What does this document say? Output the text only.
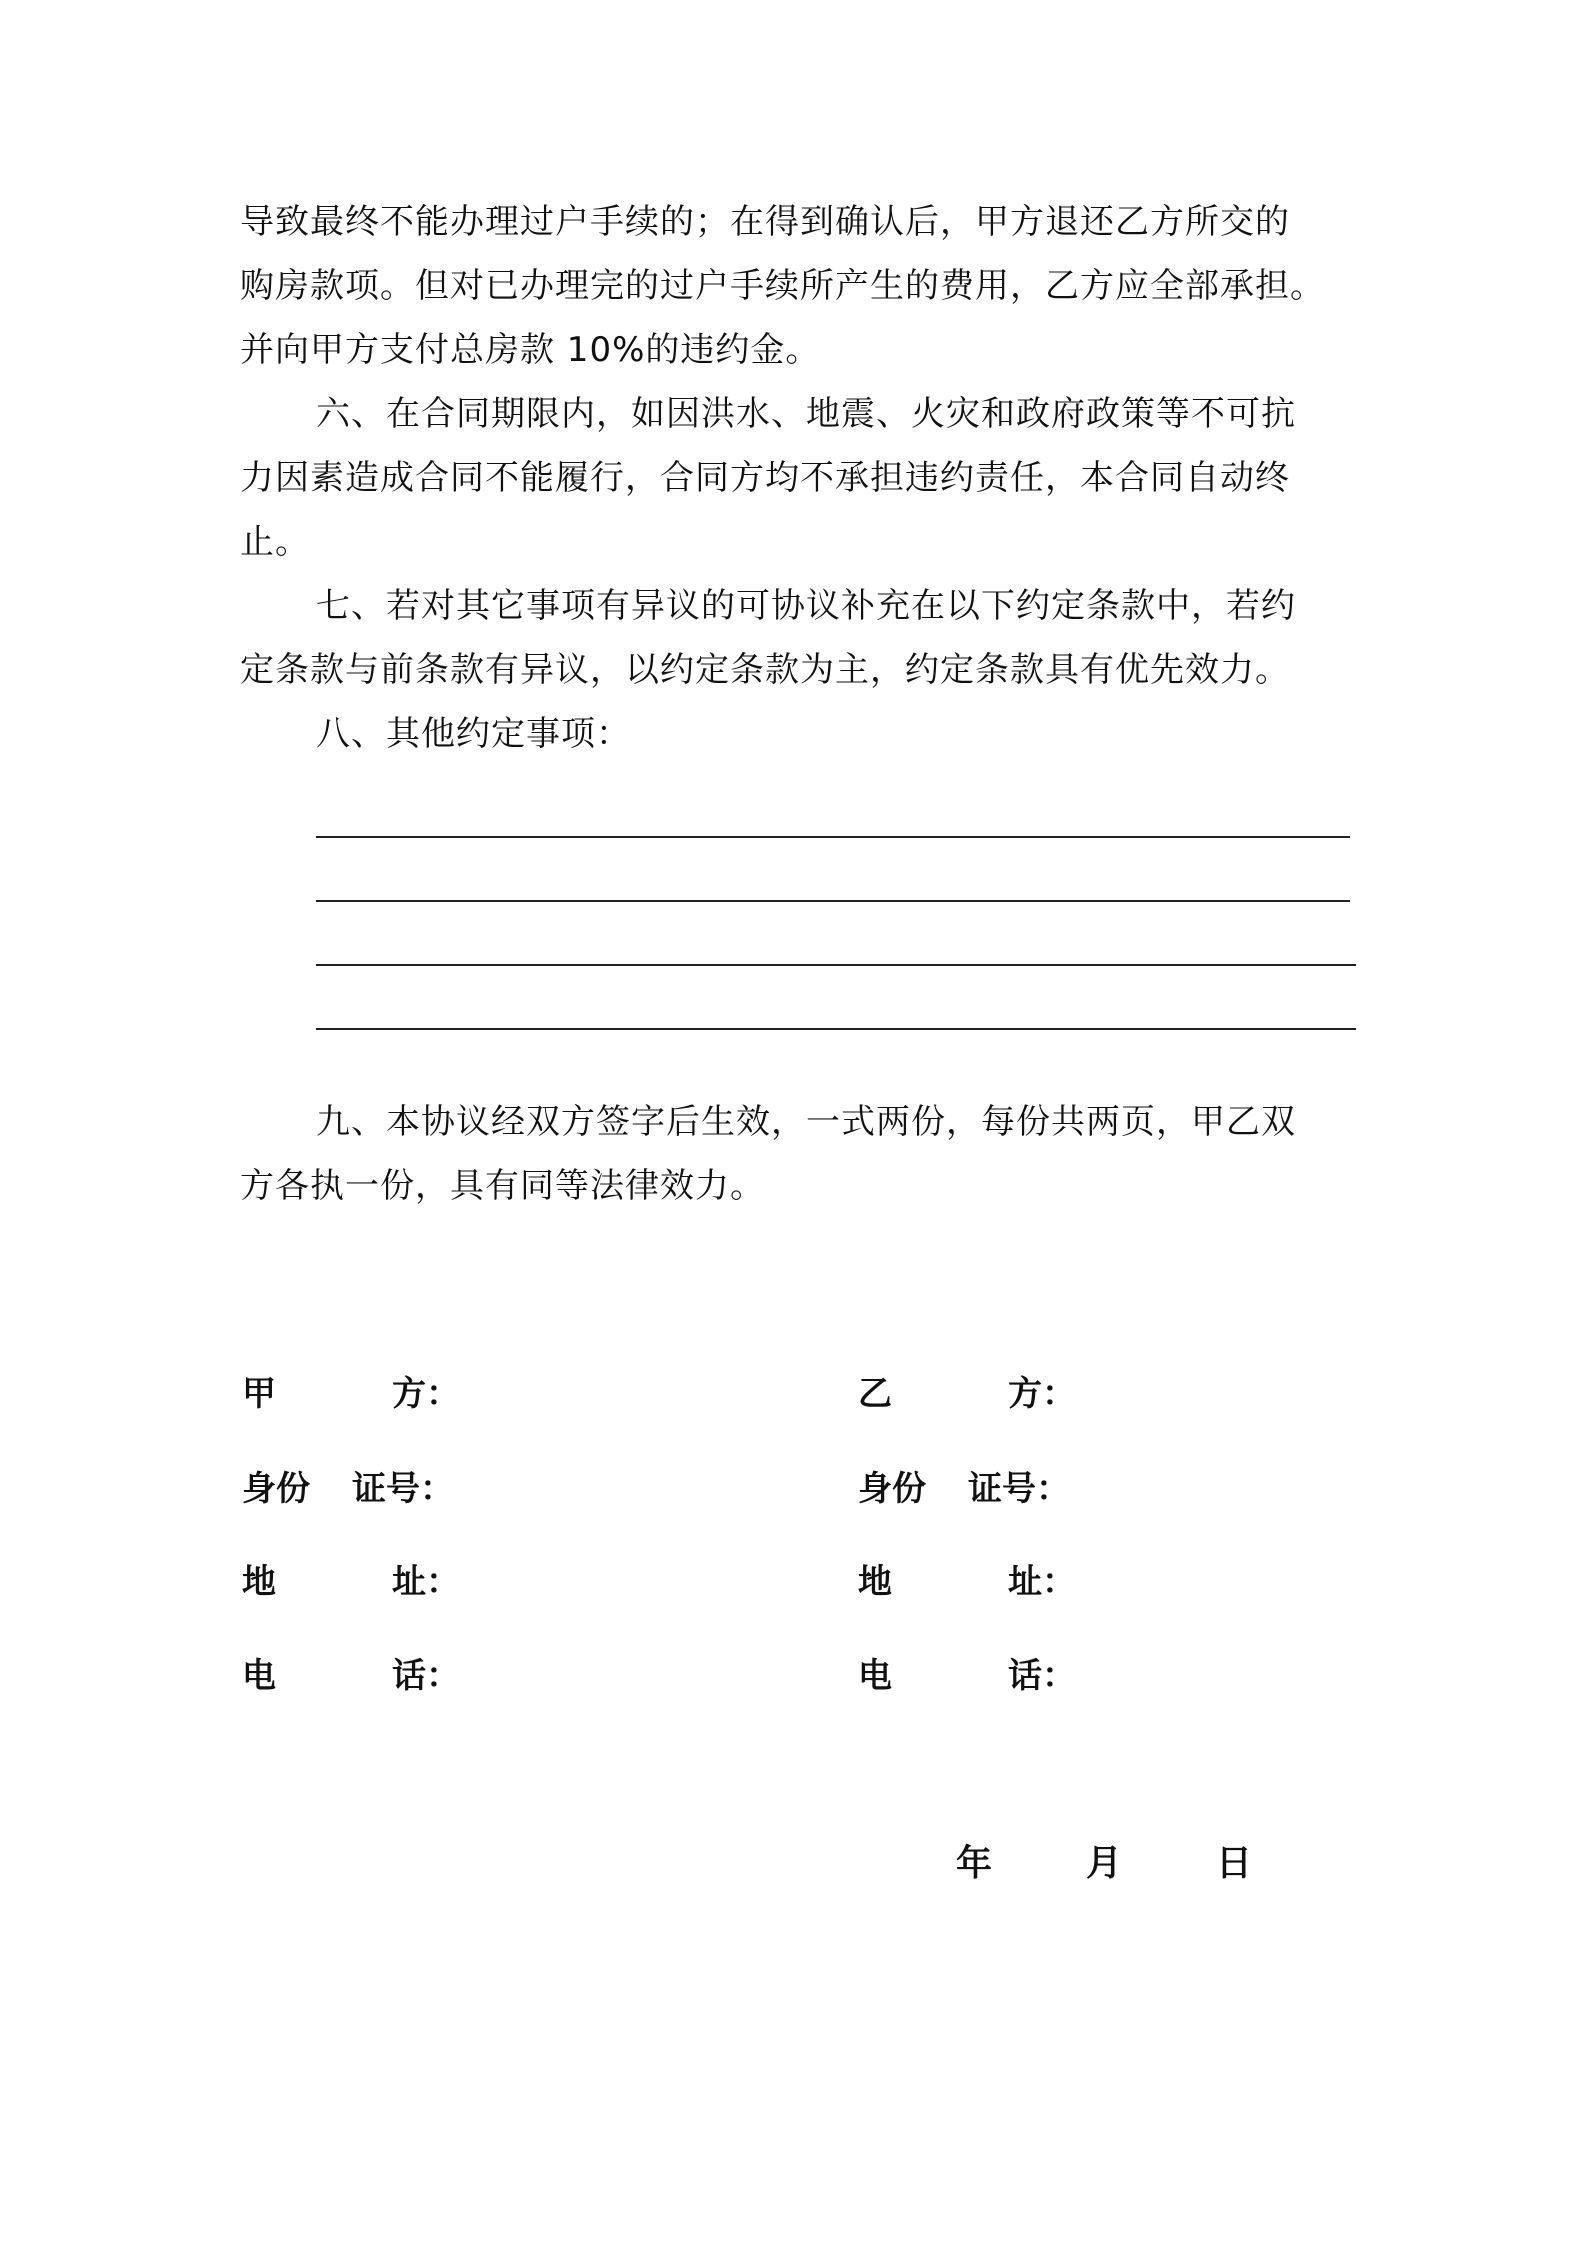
导致最终不能办理过户手续的；在得到确认后，甲方退还乙方所交的
购房款项。但对已办理完的过户手续所产生的费用，乙方应全部承担。
并向甲方支付总房款 10%的违约金。
六、在合同期限内，如因洪水、地震、火灾和政府政策等不可抗
力因素造成合同不能履行，合同方均不承担违约责任，本合同自动终
止。
七、若对其它事项有异议的可协议补充在以下约定条款中，若约
定条款与前条款有异议，以约定条款为主，约定条款具有优先效力。
八、其他约定事项：
九、本协议经双方签字后生效，一式两份，每份共两页，甲乙双
方各执一份，具有同等法律效力。
甲	方：
身份 证号：
地	址：
电	话：
乙	方：
身份 证号：
地	址：
电	话：
年	月	日
